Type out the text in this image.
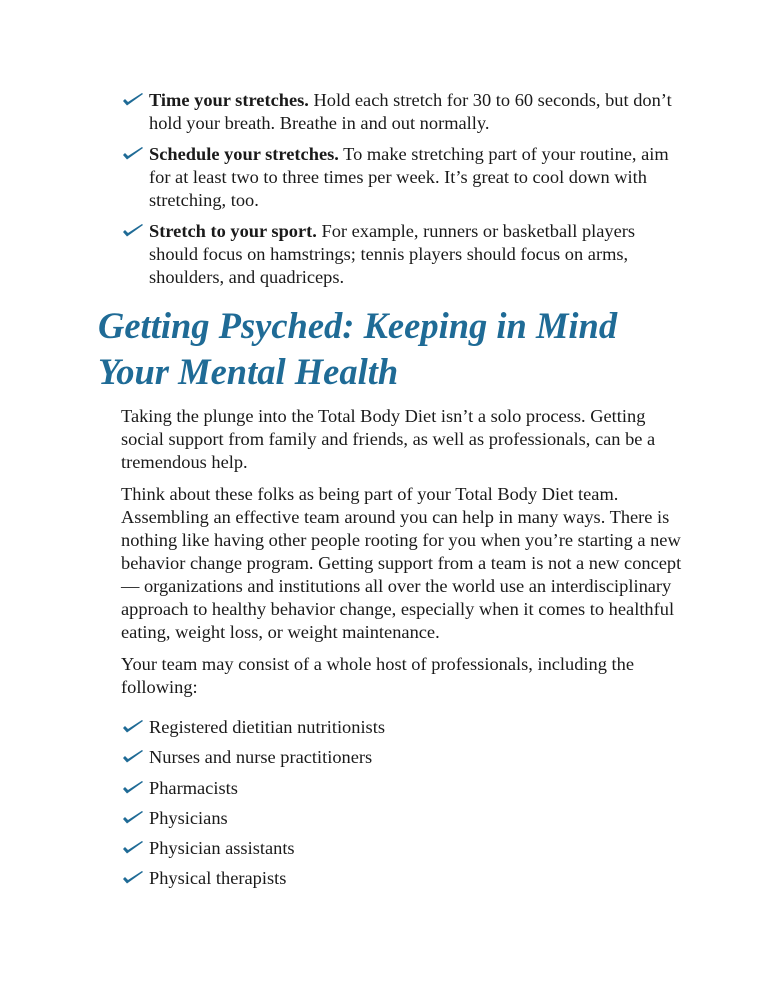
Time your stretches. Hold each stretch for 30 to 60 seconds, but don’t hold your breath. Breathe in and out normally.
Schedule your stretches. To make stretching part of your routine, aim for at least two to three times per week. It’s great to cool down with stretching, too.
Stretch to your sport. For example, runners or basketball players should focus on hamstrings; tennis players should focus on arms, shoulders, and quadriceps.
Getting Psyched: Keeping in Mind
Your Mental Health

Taking the plunge into the Total Body Diet isn’t a solo process. Getting social support from family and friends, as well as professionals, can be a tremendous help.

Think about these folks as being part of your Total Body Diet team. Assembling an effective team around you can help in many ways. There is nothing like having other people rooting for you when you’re starting a new behavior change program. Getting support from a team is not a new concept — organizations and institutions all over the world use an interdisciplinary approach to healthy behavior change, especially when it comes to healthful eating, weight loss, or weight maintenance.

Your team may consist of a whole host of professionals, including the following:

Registered dietitian nutritionists
Nurses and nurse practitioners
Pharmacists
Physicians
Physician assistants
Physical therapists
